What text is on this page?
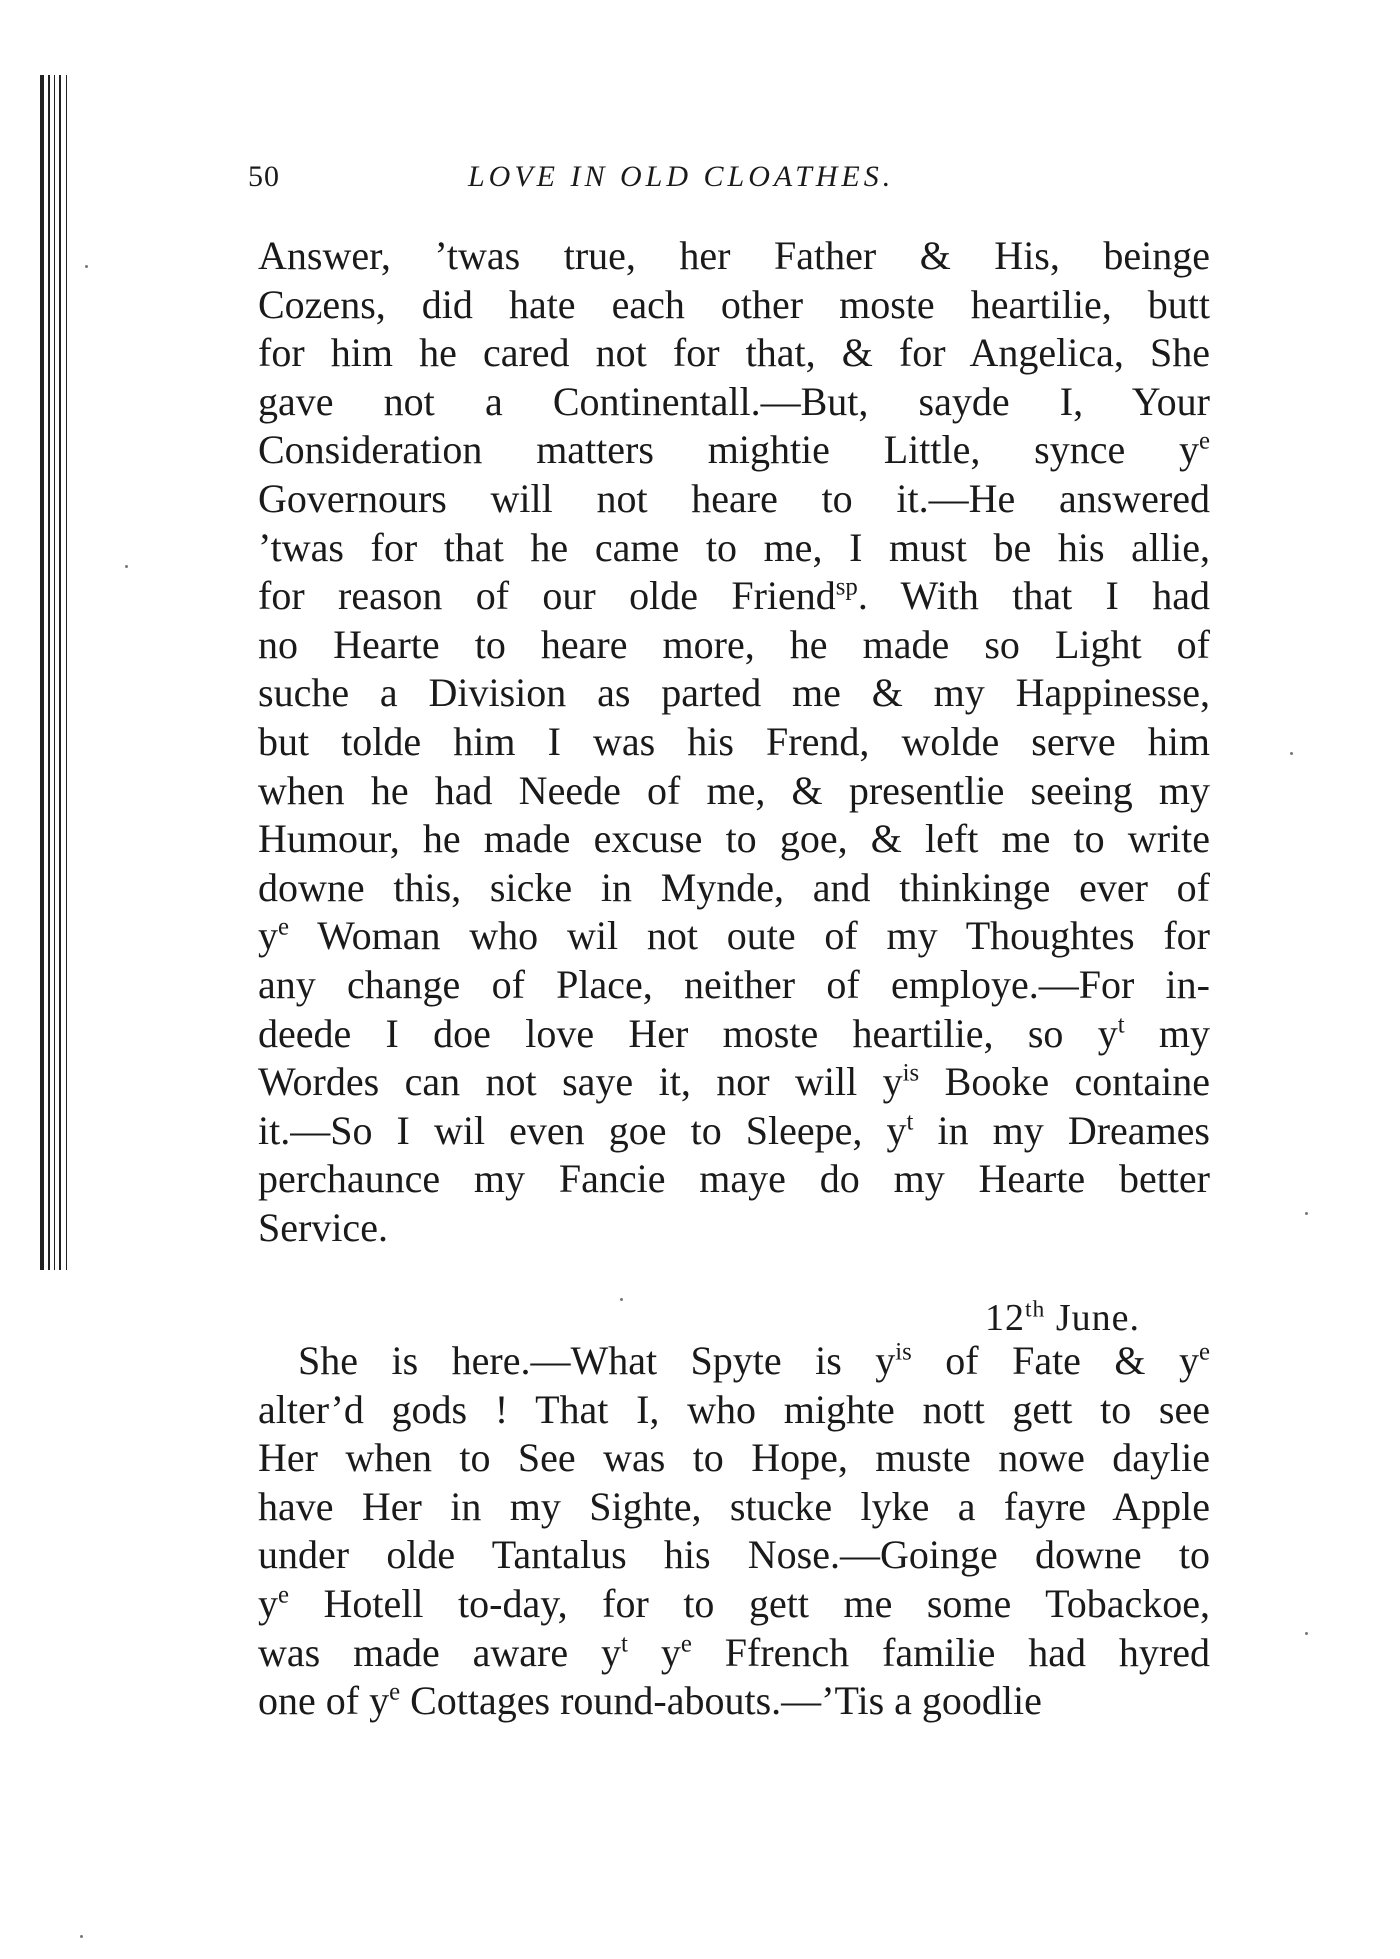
50	LOVE IN OLD CLOATHES.
Answer, ’twas true, her Father & His, beinge
Cozens, did hate each other moste heartilie, butt
for him he cared not for that, & for Angelica, She
gave not a Continentall.—But, sayde I, Your
Consideration matters mightie Little, synce $y^e$
Governours will not heare to it.—He answered
’twas for that he came to me, I must be his allie,
for reason of our olde Friend$^{sp}$. With that I had
no Hearte to heare more, he made so Light of
suche a Division as parted me & my Happinesse,
but tolde him I was his Frend, wolde serve him
when he had Neede of me, & presentlie seeing my
Humour, he made excuse to goe, & left me to write
downe this, sicke in Mynde, and thinkinge ever of
$y^e$ Woman who wil not oute of my Thoughtes for
any change of Place, neither of employe.—For in-
deede I doe love Her moste heartilie, so $y^t$ my
Wordes can not saye it, nor will $y^{is}$ Booke containe
it.—So I wil even goe to Sleepe, $y^t$ in my Dreames
perchaunce my Fancie maye do my Hearte better
Service.
12th June.
She is here.—What Spyte is $y^{is}$ of Fate & $y^e$
alter’d gods ! That I, who mighte nott gett to see
Her when to See was to Hope, muste nowe daylie
have Her in my Sighte, stucke lyke a fayre Apple
under olde Tantalus his Nose.—Goinge downe to
$y^e$ Hotell to-day, for to gett me some Tobackoe,
was made aware $y^t$ $y^e$ Ffrench familie had hyred
one of $y^e$ Cottages round-abouts.—’Tis a goodlie
